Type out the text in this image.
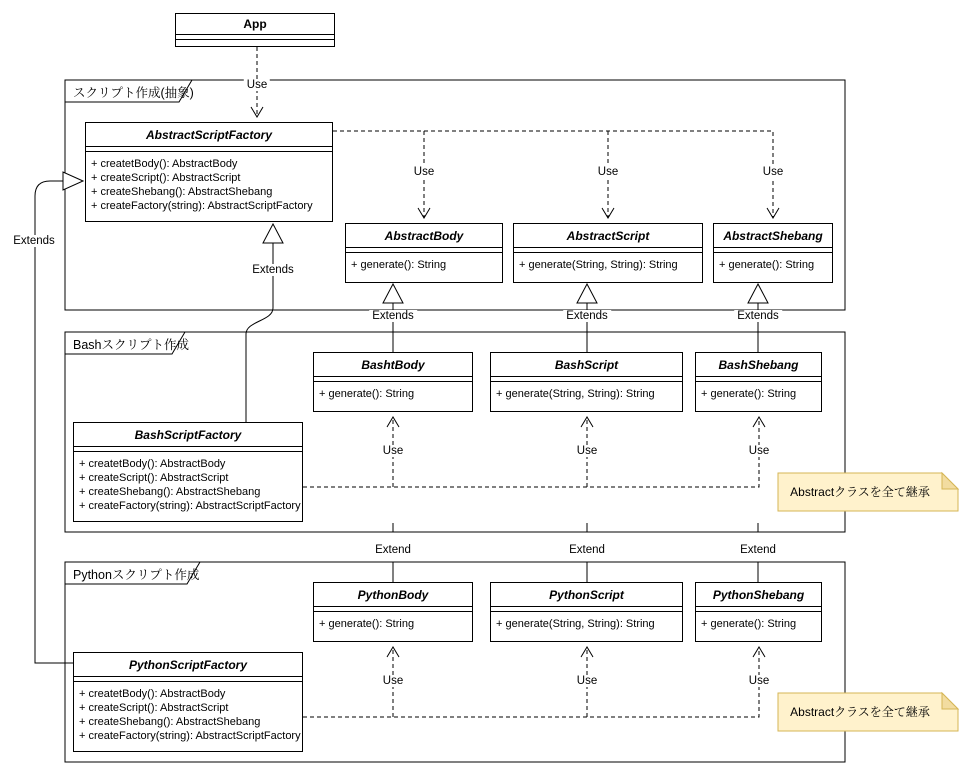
スクリプト作成(抽象)
Bashスクリプト作成
Pythonスクリプト作成
App
AbstractScriptFactory
+ createtBody(): AbstractBody
+ createScript(): AbstractScript
+ createShebang(): AbstractShebang
+ createFactory(string): AbstractScriptFactory
AbstractBody
+ generate(): String
AbstractScript
+ generate(String, String): String
AbstractShebang
+ generate(): String
BashtBody
+ generate(): String
BashScript
+ generate(String, String): String
BashShebang
+ generate(): String
BashScriptFactory
+ createtBody(): AbstractBody
+ createScript(): AbstractScript
+ createShebang(): AbstractShebang
+ createFactory(string): AbstractScriptFactory
PythonBody
+ generate(): String
PythonScript
+ generate(String, String): String
PythonShebang
+ generate(): String
PythonScriptFactory
+ createtBody(): AbstractBody
+ createScript(): AbstractScript
+ createShebang(): AbstractShebang
+ createFactory(string): AbstractScriptFactory
Use
Use	Use	Use
Extends
Extends
Extends	Extends	Extends
Use	Use	Use
Extend	Extend	Extend
Use	Use	Use
Abstractクラスを全て継承
Abstractクラスを全て継承
